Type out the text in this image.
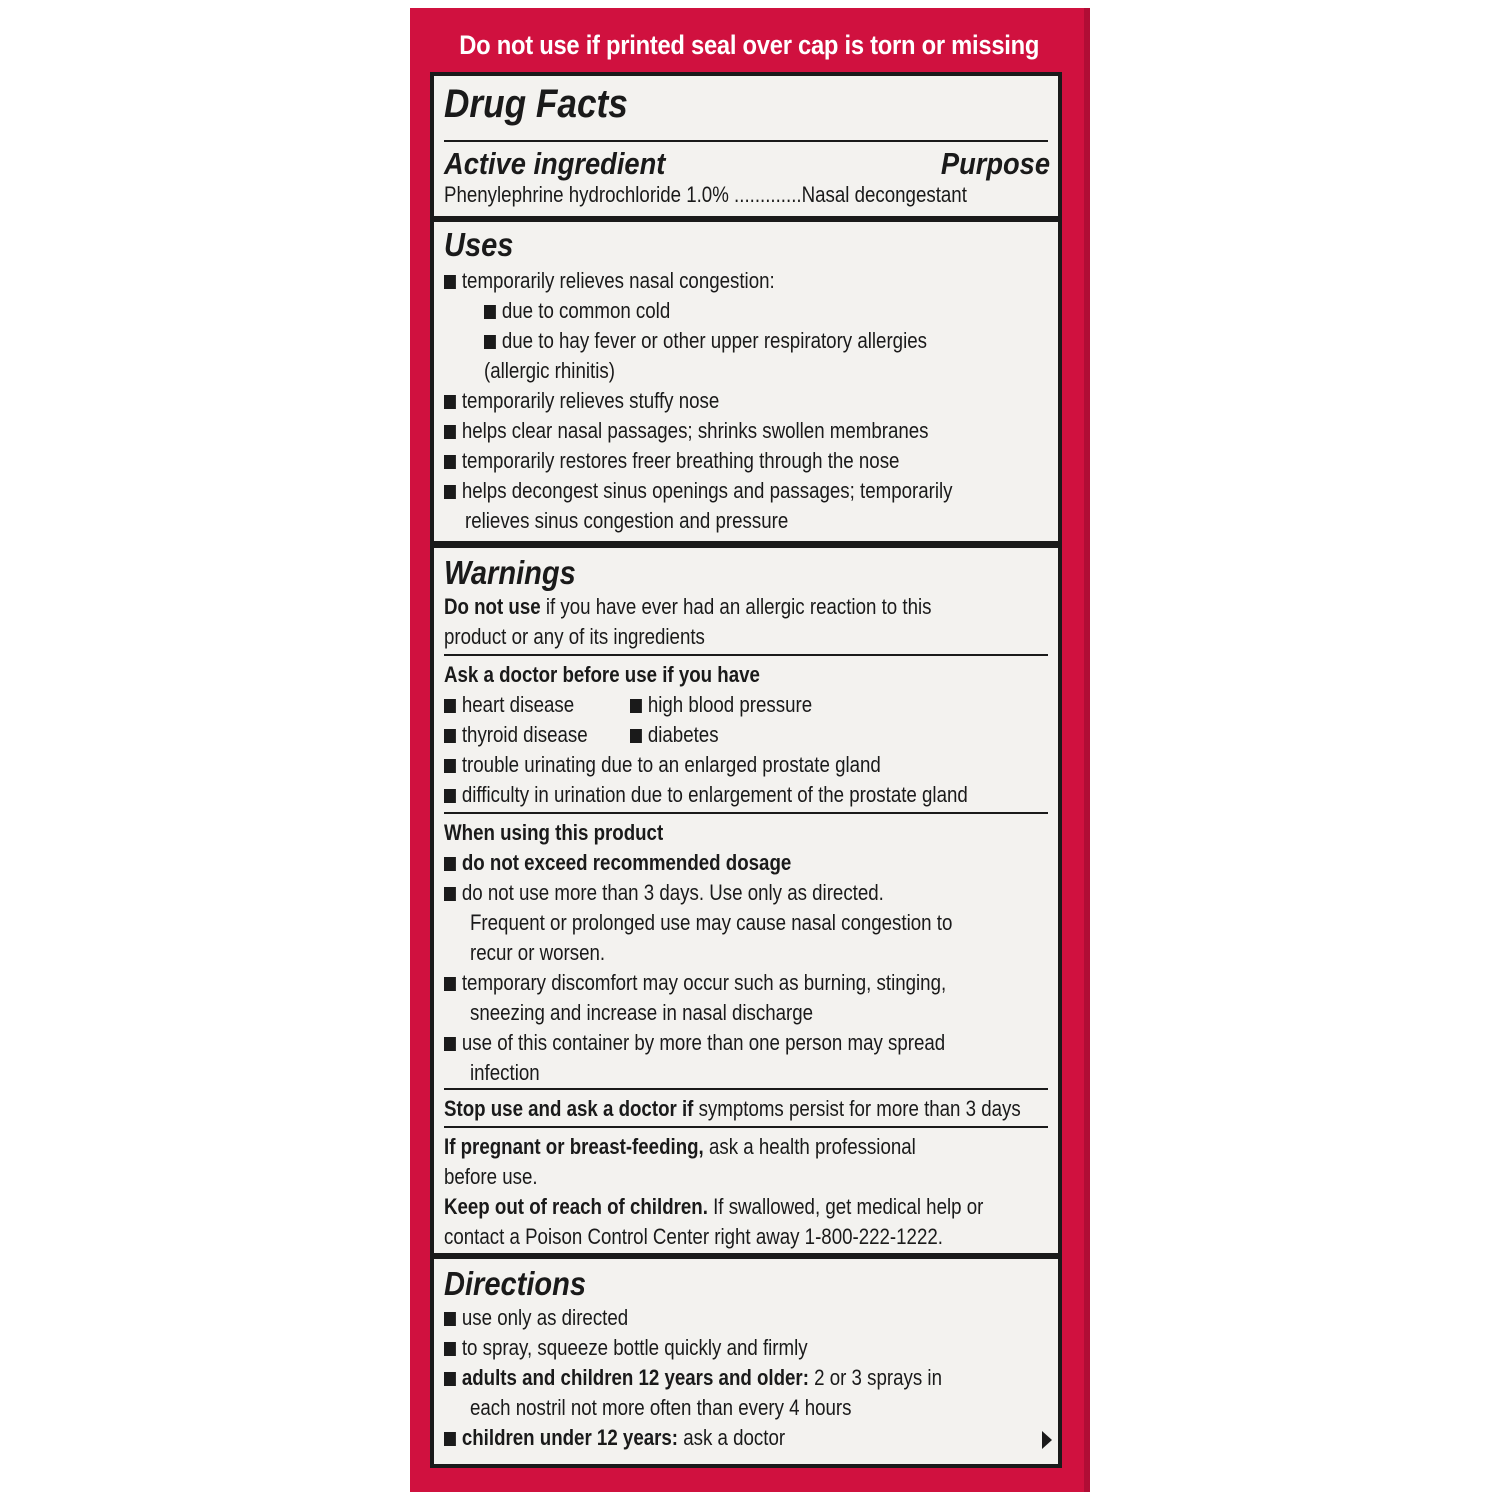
Do not use if printed seal over cap is torn or missing
Drug Facts
Active ingredient	Purpose
Phenylephrine hydrochloride 1.0% .............Nasal decongestant
Uses
temporarily relieves nasal congestion:
due to common cold
due to hay fever or other upper respiratory allergies
(allergic rhinitis)
temporarily relieves stuffy nose
helps clear nasal passages; shrinks swollen membranes
temporarily restores freer breathing through the nose
helps decongest sinus openings and passages; temporarily
relieves sinus congestion and pressure
Warnings
Do not use if you have ever had an allergic reaction to this
product or any of its ingredients
Ask a doctor before use if you have
heart disease	high blood pressure
thyroid disease	diabetes
trouble urinating due to an enlarged prostate gland
difficulty in urination due to enlargement of the prostate gland
When using this product
do not exceed recommended dosage
do not use more than 3 days. Use only as directed.
Frequent or prolonged use may cause nasal congestion to
recur or worsen.
temporary discomfort may occur such as burning, stinging,
sneezing and increase in nasal discharge
use of this container by more than one person may spread
infection
Stop use and ask a doctor if symptoms persist for more than 3 days
If pregnant or breast-feeding, ask a health professional
before use.
Keep out of reach of children. If swallowed, get medical help or
contact a Poison Control Center right away 1-800-222-1222.
Directions
use only as directed
to spray, squeeze bottle quickly and firmly
adults and children 12 years and older: 2 or 3 sprays in
each nostril not more often than every 4 hours
children under 12 years: ask a doctor
